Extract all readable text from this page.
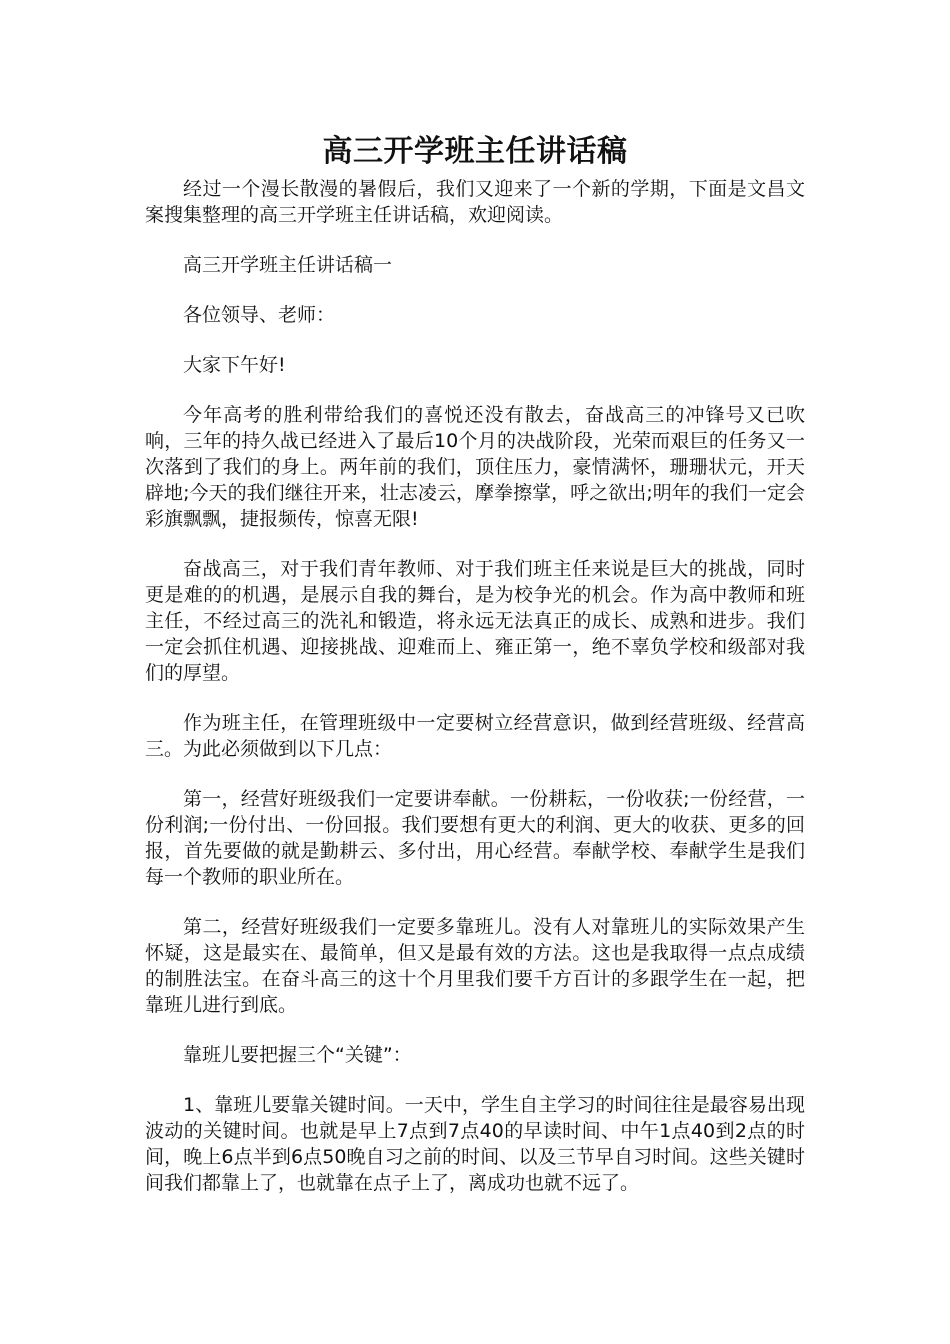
高三开学班主任讲话稿

经过一个漫长散漫的暑假后，我们又迎来了一个新的学期，下面是文昌文案搜集整理的高三开学班主任讲话稿，欢迎阅读。

高三开学班主任讲话稿一

各位领导、老师：

大家下午好!

今年高考的胜利带给我们的喜悦还没有散去，奋战高三的冲锋号又已吹响，三年的持久战已经进入了最后10个月的决战阶段，光荣而艰巨的任务又一次落到了我们的身上。两年前的我们，顶住压力，豪情满怀，珊珊状元，开天辟地;今天的我们继往开来，壮志凌云，摩拳擦掌，呼之欲出;明年的我们一定会彩旗飘飘，捷报频传，惊喜无限!

奋战高三，对于我们青年教师、对于我们班主任来说是巨大的挑战，同时更是难的的机遇，是展示自我的舞台，是为校争光的机会。作为高中教师和班主任，不经过高三的洗礼和锻造，将永远无法真正的成长、成熟和进步。我们一定会抓住机遇、迎接挑战、迎难而上、雍正第一，绝不辜负学校和级部对我们的厚望。

作为班主任，在管理班级中一定要树立经营意识，做到经营班级、经营高三。为此必须做到以下几点：

第一，经营好班级我们一定要讲奉献。一份耕耘，一份收获;一份经营，一份利润;一份付出、一份回报。我们要想有更大的利润、更大的收获、更多的回报，首先要做的就是勤耕云、多付出，用心经营。奉献学校、奉献学生是我们每一个教师的职业所在。

第二，经营好班级我们一定要多靠班儿。没有人对靠班儿的实际效果产生怀疑，这是最实在、最简单，但又是最有效的方法。这也是我取得一点点成绩的制胜法宝。在奋斗高三的这十个月里我们要千方百计的多跟学生在一起，把靠班儿进行到底。

靠班儿要把握三个“关键”：

1、靠班儿要靠关键时间。一天中，学生自主学习的时间往往是最容易出现波动的关键时间。也就是早上7点到7点40的早读时间、中午1点40到2点的时间，晚上6点半到6点50晚自习之前的时间、以及三节早自习时间。这些关键时间我们都靠上了，也就靠在点子上了，离成功也就不远了。
